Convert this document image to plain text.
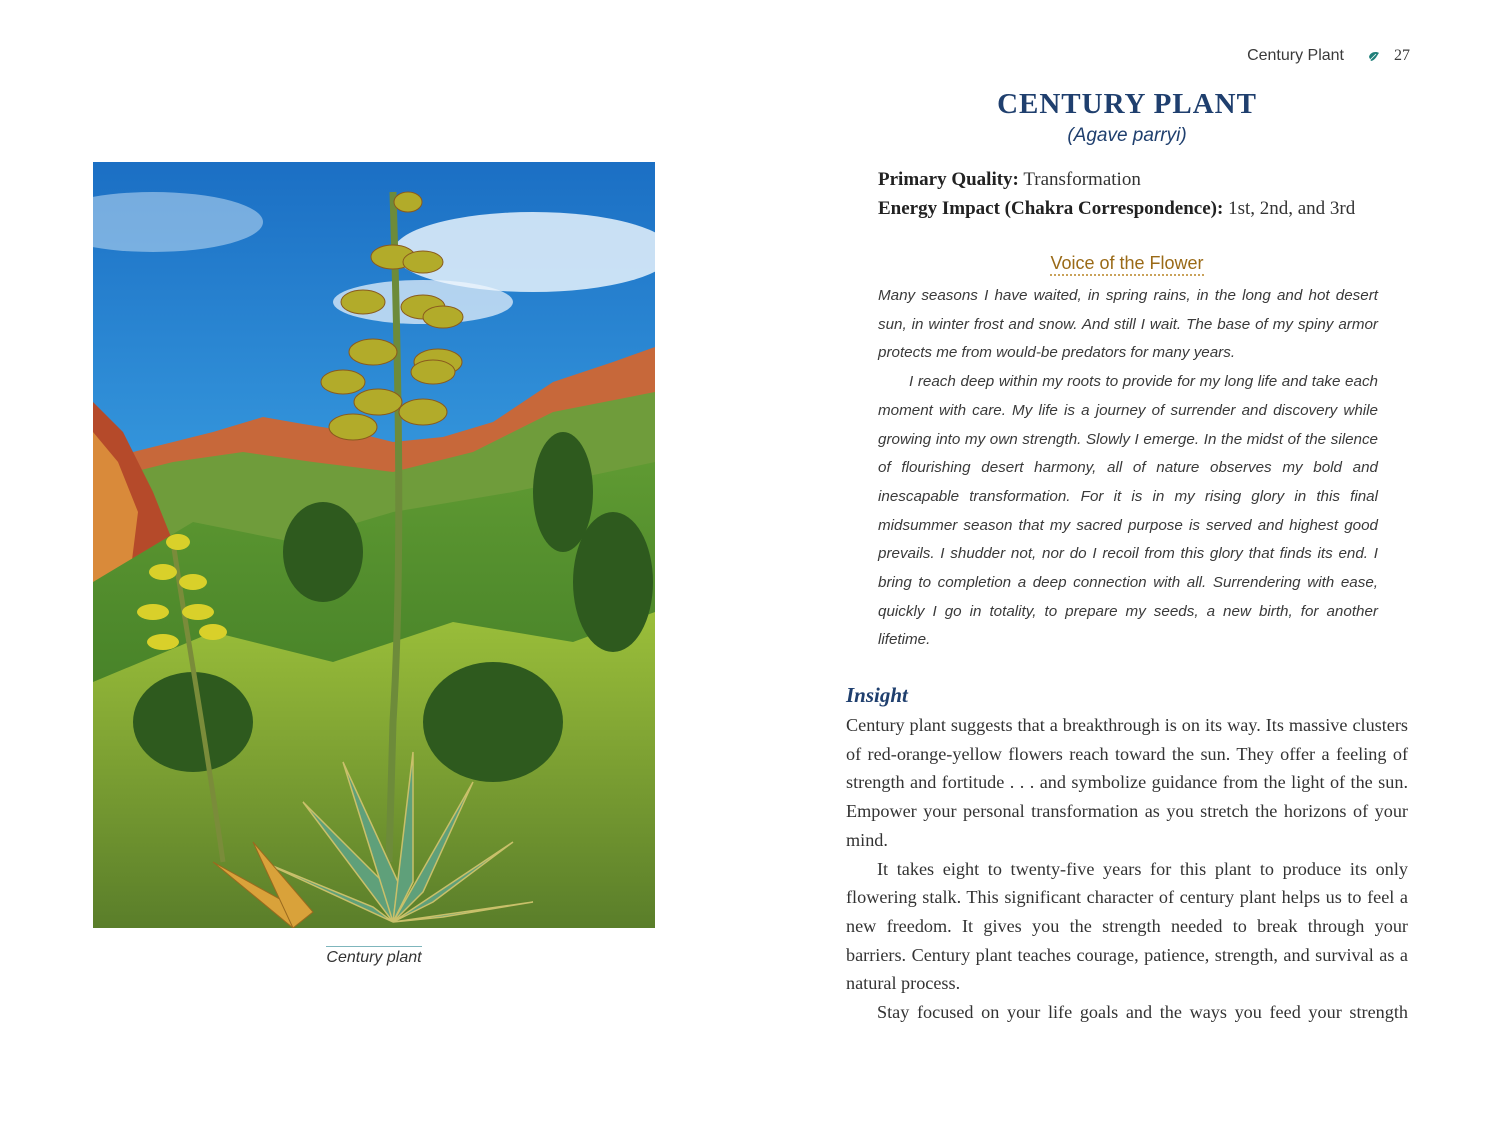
Century Plant	27
Century plant
CENTURY PLANT
(Agave parryi)
Primary Quality: Transformation
Energy Impact (Chakra Correspondence): 1st, 2nd, and 3rd
Voice of the Flower

Many seasons I have waited, in spring rains, in the long and hot desert sun, in winter frost and snow. And still I wait. The base of my spiny armor protects me from would-be predators for many years.

I reach deep within my roots to provide for my long life and take each moment with care. My life is a journey of surrender and discovery while growing into my own strength. Slowly I emerge. In the midst of the silence of flourishing desert harmony, all of nature observes my bold and inescapable transformation. For it is in my rising glory in this final midsummer season that my sacred purpose is served and highest good prevails. I shudder not, nor do I recoil from this glory that finds its end. I bring to completion a deep connection with all. Surrendering with ease, quickly I go in totality, to prepare my seeds, a new birth, for another lifetime.

Insight

Century plant suggests that a breakthrough is on its way. Its massive clusters of red-orange-yellow flowers reach toward the sun. They offer a feeling of strength and fortitude . . . and symbolize guidance from the light of the sun. Empower your personal transformation as you stretch the horizons of your mind.

It takes eight to twenty-five years for this plant to produce its only flowering stalk. This significant character of century plant helps us to feel a new freedom. It gives you the strength needed to break through your barriers. Century plant teaches courage, patience, strength, and survival as a natural process.

Stay focused on your life goals and the ways you feed your strength
